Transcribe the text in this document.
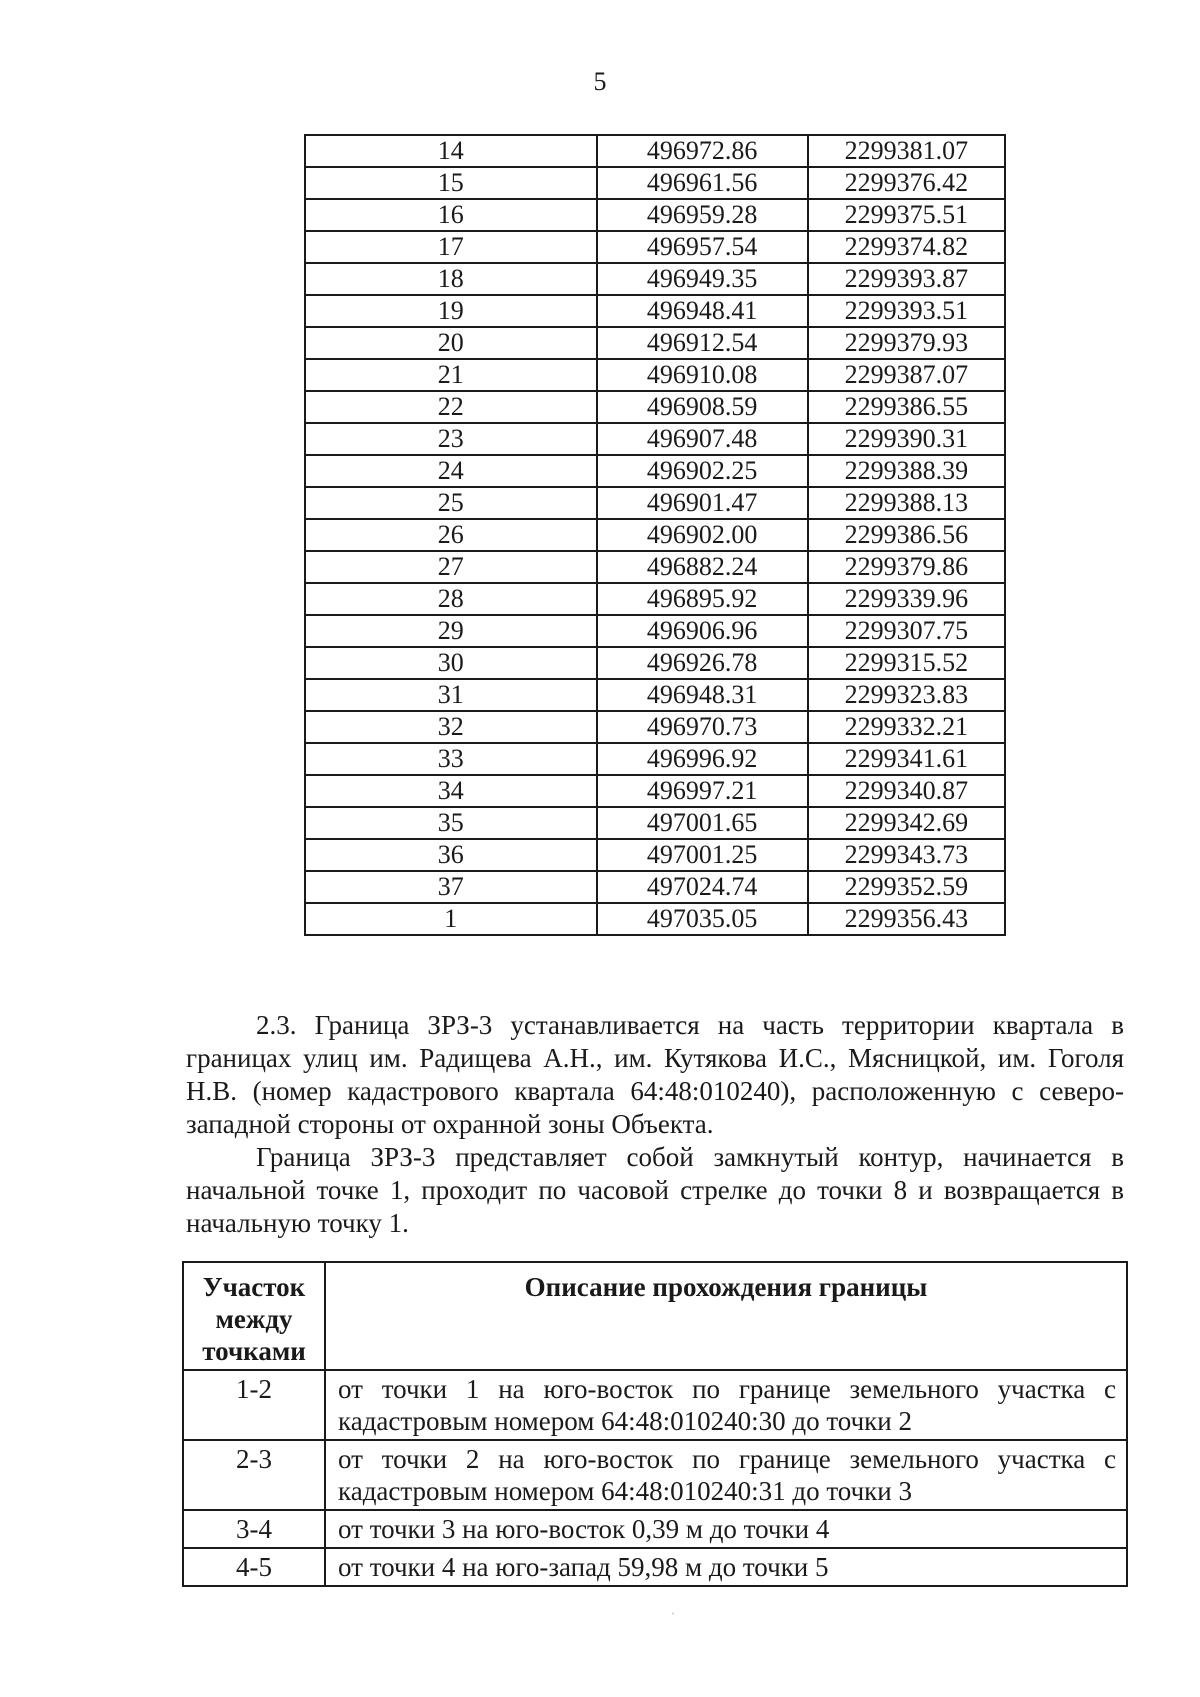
5
14	496972.86	2299381.07
15	496961.56	2299376.42
16	496959.28	2299375.51
17	496957.54	2299374.82
18	496949.35	2299393.87
19	496948.41	2299393.51
20	496912.54	2299379.93
21	496910.08	2299387.07
22	496908.59	2299386.55
23	496907.48	2299390.31
24	496902.25	2299388.39
25	496901.47	2299388.13
26	496902.00	2299386.56
27	496882.24	2299379.86
28	496895.92	2299339.96
29	496906.96	2299307.75
30	496926.78	2299315.52
31	496948.31	2299323.83
32	496970.73	2299332.21
33	496996.92	2299341.61
34	496997.21	2299340.87
35	497001.65	2299342.69
36	497001.25	2299343.73
37	497024.74	2299352.59
1	497035.05	2299356.43

2.3. Граница ЗРЗ-3 устанавливается на часть территории квартала в границах улиц им. Радищева А.Н., им. Кутякова И.С., Мясницкой, им. Гоголя Н.В. (номер кадастрового квартала 64:48:010240), расположенную с северо-западной стороны от охранной зоны Объекта.

Граница ЗРЗ-3 представляет собой замкнутый контур, начинается в начальной точке 1, проходит по часовой стрелке до точки 8 и возвращается в начальную точку 1.

Участок между точками	Описание прохождения границы
1-2	от точки 1 на юго-восток по границе земельного участка с кадастровым номером 64:48:010240:30 до точки 2
2-3	от точки 2 на юго-восток по границе земельного участка с кадастровым номером 64:48:010240:31 до точки 3
3-4	от точки 3 на юго-восток 0,39 м до точки 4
4-5	от точки 4 на юго-запад 59,98 м до точки 5
ˈ
